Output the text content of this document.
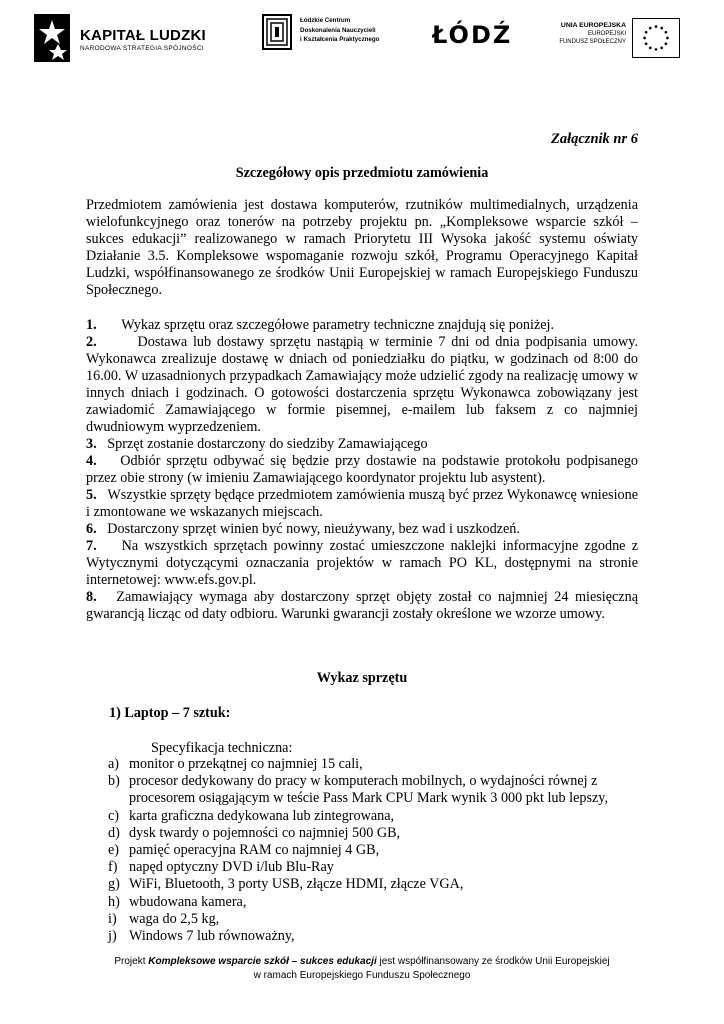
KAPITAŁ LUDZKI
NARODOWA STRATEGIA SPÓJNOŚCI
Łódzkie Centrum
Doskonalenia Nauczycieli
i Kształcenia Praktycznego ŁÓDŹ	UNIA EUROPEJSKA
EUROPEJSKI
FUNDUSZ SPOŁECZNY
Załącznik nr 6
Szczegółowy opis przedmiotu zamówienia
Przedmiotem zamówienia jest dostawa komputerów, rzutników multimedialnych, urządzenia wielofunkcyjnego oraz tonerów na potrzeby projektu pn. „Kompleksowe wsparcie szkół – sukces edukacji” realizowanego w ramach Priorytetu III Wysoka jakość systemu oświaty Działanie 3.5. Kompleksowe wspomaganie rozwoju szkół, Programu Operacyjnego Kapitał Ludzki, współfinansowanego ze środków Unii Europejskiej w ramach Europejskiego Funduszu Społecznego.
1. Wykaz sprzętu oraz szczegółowe parametry techniczne znajdują się poniżej.
2.	Dostawa lub dostawy sprzętu nastąpią w terminie 7 dni od dnia podpisania umowy. Wykonawca zrealizuje dostawę w dniach od poniedziałku do piątku, w godzinach od 8:00 do 16.00. W uzasadnionych przypadkach Zamawiający może udzielić zgody na realizację umowy w innych dniach i godzinach. O gotowości dostarczenia sprzętu Wykonawca zobowiązany jest zawiadomić Zamawiającego w formie pisemnej, e-mailem lub faksem z co najmniej dwudniowym wyprzedzeniem.
3. Sprzęt zostanie dostarczony do siedziby Zamawiającego
4. Odbiór sprzętu odbywać się będzie przy dostawie na podstawie protokołu podpisanego przez obie strony (w imieniu Zamawiającego koordynator projektu lub asystent).
5. Wszystkie sprzęty będące przedmiotem zamówienia muszą być przez Wykonawcę wniesione i zmontowane we wskazanych miejscach.
6. Dostarczony sprzęt winien być nowy, nieużywany, bez wad i uszkodzeń.
7. Na wszystkich sprzętach powinny zostać umieszczone naklejki informacyjne zgodne z Wytycznymi dotyczącymi oznaczania projektów w ramach PO KL, dostępnymi na stronie internetowej: www.efs.gov.pl.
8. Zamawiający wymaga aby dostarczony sprzęt objęty został co najmniej 24 miesięczną gwarancją licząc od daty odbioru. Warunki gwarancji zostały określone we wzorze umowy.
Wykaz sprzętu
1) Laptop – 7 sztuk:
Specyfikacja techniczna:
a) monitor o przekątnej co najmniej 15 cali,
b) procesor dedykowany do pracy w komputerach mobilnych, o wydajności równej z procesorem osiągającym w teście Pass Mark CPU Mark wynik 3 000 pkt lub lepszy,
c) karta graficzna dedykowana lub zintegrowana,
d) dysk twardy o pojemności co najmniej 500 GB,
e) pamięć operacyjna RAM co najmniej 4 GB,
f) napęd optyczny DVD i/lub Blu-Ray
g) WiFi, Bluetooth, 3 porty USB, złącze HDMI, złącze VGA,
h) wbudowana kamera,
i) waga do 2,5 kg,
j) Windows 7 lub równoważny,
Projekt Kompleksowe wsparcie szkół – sukces edukacji jest współfinansowany ze środków Unii Europejskiej
w ramach Europejskiego Funduszu Społecznego
